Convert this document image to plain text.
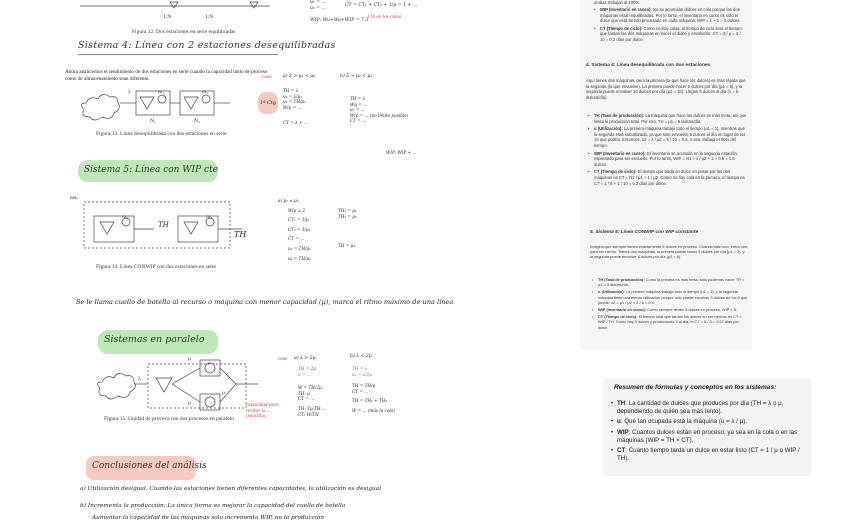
1:N	1:N
Figura 12. Dos estaciones en serie equilibradas
u₁ = ...
u₂ = ...
WIP: Wu+Wa+WIP = 7.3
CT = CT₁ + CT₂ + 1/μ = 1 + ...
1 lb en los colas
Sistema 4: Línea con 2 estaciones desequilibradas
Ahora analicemos el rendimiento de dos estaciones en serie cuando la capacidad tanto de proceso como de almacenamiento sean diferente.
λ	m₁	m₂
N₁	N₂
Figura 13. Línea desequilibrada con dos estaciones en serie
caso
1ª Ctg
a) λ > μ₁ < μ₂	b) λ > μ₂ < μ₁
TH = λ
u₁ = λ/μ₁
u₂ = TH/μ₂
Wip = ...
CT = λ + ...
TH = λ
Wq = ...
u₁ = ...
Wip = ... (no límite posible)
CT = ...
WIP: WIP + ...
Sistema 5: Línea con WIP cte
nes.
m₁	m₂
TH
TH
Figura 14. Línea CONWIP con dos estaciones en serie
a) μ₁ ≤ μ₂
Wip ≥ 2
CT₁ = 1/μ
CT₂ = 1/μ₂
CT = ...
u₁ = TH/μ₁
u₂ = TH/μ₂
TH₁ = μ₁
TH₂ = μ₂
TH = μ₁
Se le llama cuello de botella al recurso o máquina con menor capacidad (μ), marca el ritmo máximo de una línea
Sistemas en paralelo
λ
μ
μ
μ
Figura 15. Unidad de proceso con dos procesos en paralelo
capacidad para recibir la ... (sencilla)
caso a) λ > 2μ	b) λ < 2μ
TH = 2μ
u = ...
W = TH/2μ
TH: μ
CT = ...
TH: Tμ·TH·...
CT: W/TH
TH = λ
u₁ = λ/2μ
TH = TH/μ
CT = ...
TH = TH₁ + TH₂
W = ... (más la cola)
Conclusiones del análisis
a) Utilización desigual. Cuando las estaciones tienen diferentes capacidades, la utilización es desigual
b) Incrementa la producción: La única forma es mejorar la capacidad del cuello de botella
Aumentar la capacidad de las máquinas solo incrementa WIP, no la producción
ambas trabajan al 100%.
• WIP (Inventario en curso): No se acumulan dulces en cola porque las dos máquinas están equilibradas. Por lo tanto, el inventario en curso es solo el dulce que está siendo procesado en cada máquina, WIP = 1 + 1 = 2 dulces.
• CT (Tiempo de ciclo): Como no hay colas, el tiempo de ciclo será el tiempo que tardan las dos máquinas en hacer el dulce y envolverlo: CT = 3 / μ = 2 / 10 = 0.2 días por dulce.
4. Sistema 4: Línea desequilibrada con dos estaciones
Aquí tienes dos máquinas, pero la primera (la que hace los dulces) es más rápida que la segunda (la que envuelve). La primera puede hacer 5 dulces por día (μ1 = 5), y la segunda puede envolver 10 dulces por día (μ2 = 10). Llegan 5 dulces al día (λ = 5 dulces/día).
• TH (Tasa de producción): La máquina que hace los dulces es más lenta, así que limita la producción total. Por eso, TH = μ1 = 5 dulces/día.
• u (Utilización): La primera máquina trabaja todo el tiempo (u1 = 1), mientras que la segunda está subutilizada, ya que solo envuelve 5 dulces al día en lugar de los 10 que podría. Entonces, u2 = λ / μ2 = 5 / 10 = 0.5, o sea, trabaja el 50% del tiempo.
• WIP (Inventario en curso): El inventario se acumula en la segunda estación, esperando para ser envuelto. Por lo tanto, WIP = N1 + λ / μ2 + 1 + 0.5 = 1.5 dulces.
• CT (Tiempo de ciclo): El tiempo que tarda un dulce en pasar por las dos máquinas es CT = N1 / μ1 + 1 / μ2. Como no hay cola en la primera, el tiempo es CT = 1 / 5 + 1 / 10 = 0.3 días por dulce.
5. Sistema 5: Línea CONWIP con WIP constante
Imagina que siempre tienes exactamente 5 dulces en proceso. Cuando sale uno, entra otro para ser hecho. Tienes dos máquinas, la primera puede hacer 3 dulces por día (μ1 = 3), y la segunda puede envolver 6 dulces por día (μ2 = 6).
• TH (Tasa de producción): Como la primera es más lenta, solo podemos hacer TH = μ1 = 3 dulces/día.
• u (Utilización): La primera máquina trabaja todo el tiempo (u1 = 1), y la segunda máquina tiene una menor utilización porque solo puede envolver 3 dulces de los 6 que puede: u2 = μ1 / μ2 = 3 / 6 = 0.5.
• WIP (Inventario en curso): Como siempre tienes 5 dulces en proceso, WIP = 5.
• CT (Tiempo de ciclo): El tiempo total que tardan los dulces en ser hechos es CT = WIP / TH. Como hay 5 dulces y produciones 3 al día, el CT = 5 / 3 = 1.67 días por dulce.
Resumen de fórmulas y conceptos en los sistemas:
• TH: La cantidad de dulces que produces por día (TH = λ o μ, dependiendo de quién sea más lento).
• u: Qué tan ocupada está la máquina (u = λ / μ).
• WIP: Cuántos dulces están en proceso, ya sea en la cola o en las máquinas (WIP = TH × CT).
• CT: Cuánto tiempo tarda un dulce en estar listo (CT = 1 / μ o WIP / TH).
